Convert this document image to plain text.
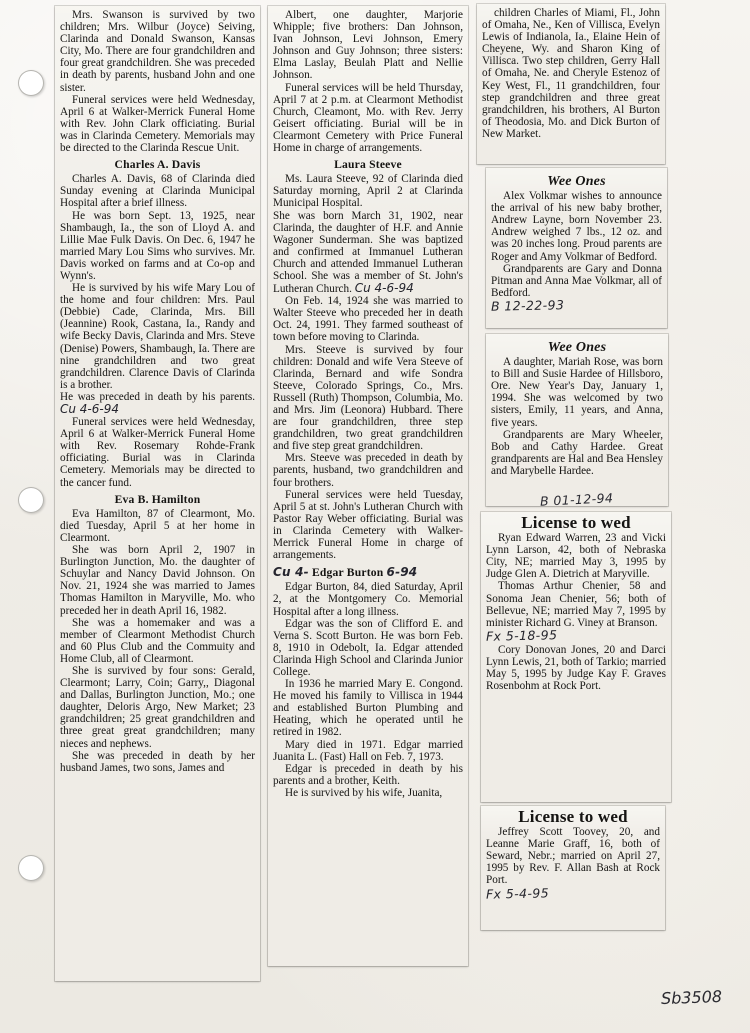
Mrs. Swanson is survived by two children; Mrs. Wilbur (Joyce) Seiving, Clarinda and Donald Swanson, Kansas City, Mo. There are four grandchildren and four great grandchildren. She was preceded in death by parents, husband John and one sister.

Funeral services were held Wednesday, April 6 at Walker-Merrick Funeral Home with Rev. John Clark officiating. Burial was in Clarinda Cemetery. Memorials may be directed to the Clarinda Rescue Unit.

Charles A. Davis

Charles A. Davis, 68 of Clarinda died Sunday evening at Clarinda Municipal Hospital after a brief illness.

He was born Sept. 13, 1925, near Shambaugh, Ia., the son of Lloyd A. and Lillie Mae Fulk Davis. On Dec. 6, 1947 he married Mary Lou Sims who survives. Mr. Davis worked on farms and at Co-op and Wynn's.

He is survived by his wife Mary Lou of the home and four children: Mrs. Paul (Debbie) Cade, Clarinda, Mrs. Bill (Jeannine) Rook, Castana, Ia., Randy and wife Becky Davis, Clarinda and Mrs. Steve (Denise) Powers, Shambaugh, Ia. There are nine grandchildren and two great grandchildren. Clarence Davis of Clarinda is a brother.

He was preceded in death by his parents. Cu 4-6-94

Funeral services were held Wednesday, April 6 at Walker-Merrick Funeral Home with Rev. Rosemary Rohde-Frank officiating. Burial was in Clarinda Cemetery. Memorials may be directed to the cancer fund.

Eva B. Hamilton

Eva Hamilton, 87 of Clearmont, Mo. died Tuesday, April 5 at her home in Clearmont.

She was born April 2, 1907 in Burlington Junction, Mo. the daughter of Schuylar and Nancy David Johnson. On Nov. 21, 1924 she was married to James Thomas Hamilton in Maryville, Mo. who preceded her in death April 16, 1982.

She was a homemaker and was a member of Clearmont Methodist Church and 60 Plus Club and the Commuity and Home Club, all of Clearmont.

She is survived by four sons: Gerald, Clearmont; Larry, Coin; Garry,, Diagonal and Dallas, Burlington Junction, Mo.; one daughter, Deloris Argo, New Market; 23 grandchildren; 25 great grandchildren and three great great grandchildren; many nieces and nephews.

She was preceded in death by her husband James, two sons, James and

Albert, one daughter, Marjorie Whipple; five brothers: Dan Johnson, Ivan Johnson, Levi Johnson, Emery Johnson and Guy Johnson; three sisters: Elma Laslay, Beulah Platt and Nellie Johnson.

Funeral services will be held Thursday, April 7 at 2 p.m. at Clearmont Methodist Church, Cleamont, Mo. with Rev. Jerry Geisert officiating. Burial will be in Clearmont Cemetery with Price Funeral Home in charge of arrangements.

Laura Steeve

Ms. Laura Steeve, 92 of Clarinda died Saturday morning, April 2 at Clarinda Municipal Hospital.

She was born March 31, 1902, near Clarinda, the daughter of H.F. and Annie Wagoner Sunderman. She was baptized and confirmed at Immanuel Lutheran Church and attended Immanuel Lutheran School. She was a member of St. John's Lutheran Church. Cu 4-6-94

On Feb. 14, 1924 she was married to Walter Steeve who preceded her in death Oct. 24, 1991. They farmed southeast of town before moving to Clarinda.

Mrs. Steeve is survived by four children: Donald and wife Vera Steeve of Clarinda, Bernard and wife Sondra Steeve, Colorado Springs, Co., Mrs. Russell (Ruth) Thompson, Columbia, Mo. and Mrs. Jim (Leonora) Hubbard. There are four grandchildren, three step grandchildren, two great grandchildren and five step great grandchildren.

Mrs. Steeve was preceded in death by parents, husband, two grandchildren and four brothers.

Funeral services were held Tuesday, April 5 at st. John's Lutheran Church with Pastor Ray Weber officiating. Burial was in Clarinda Cemetery with Walker-Merrick Funeral Home in charge of arrangements.

Cu 4- Edgar Burton 6-94

Edgar Burton, 84, died Saturday, April 2, at the Montgomery Co. Memorial Hospital after a long illness.

Edgar was the son of Clifford E. and Verna S. Scott Burton. He was born Feb. 8, 1910 in Odebolt, Ia. Edgar attended Clarinda High School and Clarinda Junior College.

In 1936 he married Mary E. Congond. He moved his family to Villisca in 1944 and established Burton Plumbing and Heating, which he operated until he retired in 1982.

Mary died in 1971. Edgar married Juanita L. (Fast) Hall on Feb. 7, 1973.

Edgar is preceded in death by his parents and a brother, Keith.

He is survived by his wife, Juanita,

children Charles of Miami, Fl., John of Omaha, Ne., Ken of Villisca, Evelyn Lewis of Indianola, Ia., Elaine Hein of Cheyene, Wy. and Sharon King of Villisca. Two step children, Gerry Hall of Omaha, Ne. and Cheryle Estenoz of Key West, Fl., 11 grandchildren, four step grandchildren and three great grandchildren, his brothers, Al Burton of Theodosia, Mo. and Dick Burton of New Market.

Wee Ones

Alex Volkmar wishes to announce the arrival of his new baby brother, Andrew Layne, born November 23. Andrew weighed 7 lbs., 12 oz. and was 20 inches long. Proud parents are Roger and Amy Volkmar of Bedford.

Grandparents are Gary and Donna Pitman and Anna Mae Volkmar, all of Bedford.

B 12-22-93

Wee Ones

A daughter, Mariah Rose, was born to Bill and Susie Hardee of Hillsboro, Ore. New Year's Day, January 1, 1994. She was welcomed by two sisters, Emily, 11 years, and Anna, five years.

Grandparents are Mary Wheeler, Bob and Cathy Hardee. Great grandparents are Hal and Bea Hensley and Marybelle Hardee.

License to wed

Ryan Edward Warren, 23 and Vicki Lynn Larson, 42, both of Nebraska City, NE; married May 3, 1995 by Judge Glen A. Dietrich at Maryville.

Thomas Arthur Chenier, 58 and Sonoma Jean Chenier, 56; both of Bellevue, NE; married May 7, 1995 by minister Richard G. Viney at Branson.

Fx 5-18-95

Cory Donovan Jones, 20 and Darci Lynn Lewis, 21, both of Tarkio; married May 5, 1995 by Judge Kay F. Graves Rosenbohm at Rock Port.

License to wed

Jeffrey Scott Toovey, 20, and Leanne Marie Graff, 16, both of Seward, Nebr.; married on April 27, 1995 by Rev. F. Allan Bash at Rock Port.

Fx 5-4-95

B 01-12-94
Sb3508
